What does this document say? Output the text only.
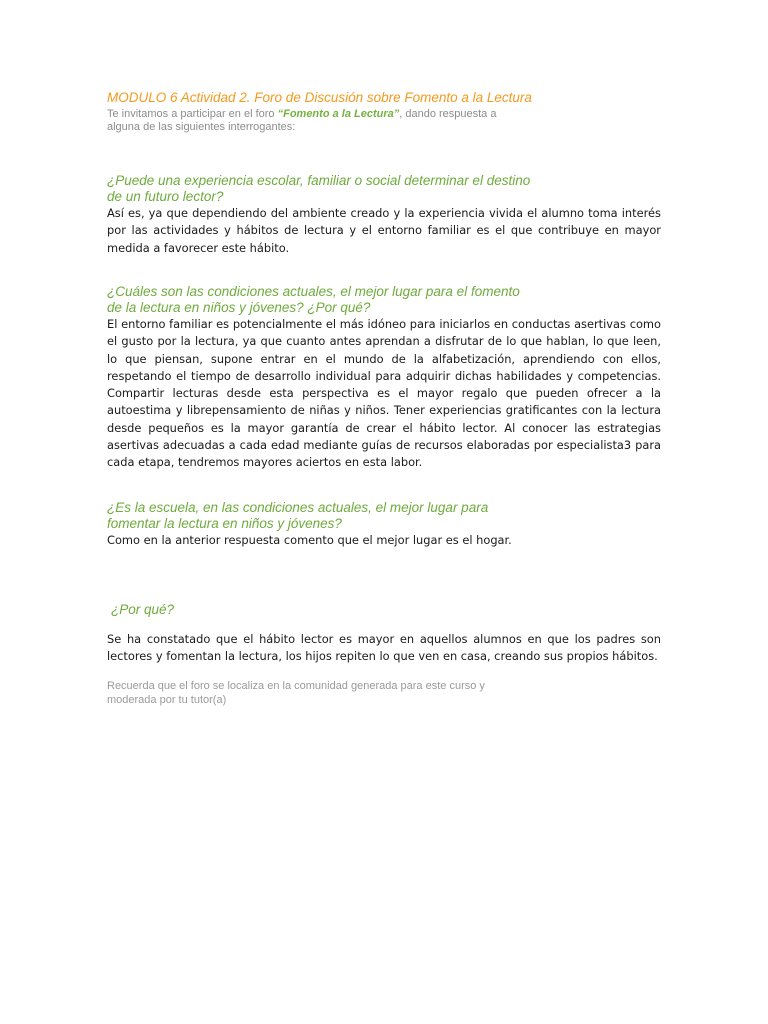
MODULO 6 Actividad 2. Foro de Discusión sobre Fomento a la Lectura
Te invitamos a participar en el foro “Fomento a la Lectura”, dando respuesta a alguna de las siguientes interrogantes:
¿Puede una experiencia escolar, familiar o social determinar el destino
de un futuro lector?
Así es, ya que dependiendo del ambiente creado y la experiencia vivida el alumno toma interés por las actividades y hábitos de lectura y el entorno familiar es el que contribuye en mayor medida a favorecer este hábito.
¿Cuáles son las condiciones actuales, el mejor lugar para el fomento
de la lectura en niños y jóvenes? ¿Por qué?
El entorno familiar es potencialmente el más idóneo para iniciarlos en conductas asertivas como el gusto por la lectura, ya que cuanto antes aprendan a disfrutar de lo que hablan, lo que leen, lo que piensan, supone entrar en el mundo de la alfabetización, aprendiendo con ellos, respetando el tiempo de desarrollo individual para adquirir dichas habilidades y competencias. Compartir lecturas desde esta perspectiva es el mayor regalo que pueden ofrecer a la autoestima y librepensamiento de niñas y niños. Tener experiencias gratificantes con la lectura desde pequeños es la mayor garantía de crear el hábito lector. Al conocer las estrategias asertivas adecuadas a cada edad mediante guías de recursos elaboradas por especialista3 para cada etapa, tendremos mayores aciertos en esta labor.
¿Es la escuela, en las condiciones actuales, el mejor lugar para
fomentar la lectura en niños y jóvenes?
Como en la anterior respuesta comento que el mejor lugar es el hogar.
¿Por qué?
Se ha constatado que el hábito lector es mayor en aquellos alumnos en que los padres son lectores y fomentan la lectura, los hijos repiten lo que ven en casa, creando sus propios hábitos.
Recuerda que el foro se localiza en la comunidad generada para este curso y moderada por tu tutor(a)
